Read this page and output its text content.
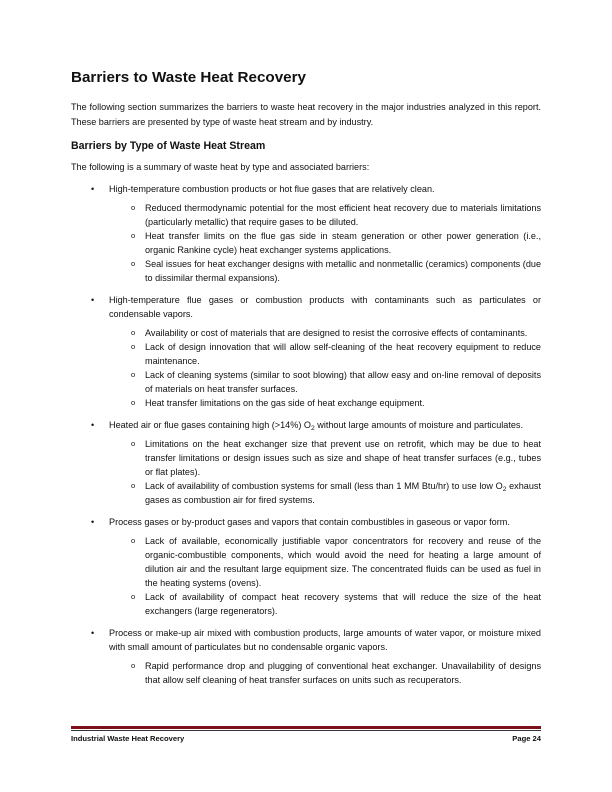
Barriers to Waste Heat Recovery

The following section summarizes the barriers to waste heat recovery in the major industries analyzed in this report. These barriers are presented by type of waste heat stream and by industry.

Barriers by Type of Waste Heat Stream

The following is a summary of waste heat by type and associated barriers:

•	High-temperature combustion products or hot flue gases that are relatively clean.
o Reduced thermodynamic potential for the most efficient heat recovery due to materials limitations (particularly metallic) that require gases to be diluted.
o Heat transfer limits on the flue gas side in steam generation or other power generation (i.e., organic Rankine cycle) heat exchanger systems applications.
o Seal issues for heat exchanger designs with metallic and nonmetallic (ceramics) components (due to dissimilar thermal expansions).
•	High-temperature flue gases or combustion products with contaminants such as particulates or condensable vapors.
o Availability or cost of materials that are designed to resist the corrosive effects of contaminants.
o Lack of design innovation that will allow self-cleaning of the heat recovery equipment to reduce maintenance.
o Lack of cleaning systems (similar to soot blowing) that allow easy and on-line removal of deposits of materials on heat transfer surfaces.
o Heat transfer limitations on the gas side of heat exchange equipment.
•	Heated air or flue gases containing high (>14%) $O_2$ without large amounts of moisture and particulates.
o Limitations on the heat exchanger size that prevent use on retrofit, which may be due to heat transfer limitations or design issues such as size and shape of heat transfer surfaces (e.g., tubes or flat plates).
o Lack of availability of combustion systems for small (less than 1 MM Btu/hr) to use low $O_2$ exhaust gases as combustion air for fired systems.
•	Process gases or by-product gases and vapors that contain combustibles in gaseous or vapor form.
o Lack of available, economically justifiable vapor concentrators for recovery and reuse of the organic-combustible components, which would avoid the need for heating a large amount of dilution air and the resultant large equipment size. The concentrated fluids can be used as fuel in the heating systems (ovens).
o Lack of availability of compact heat recovery systems that will reduce the size of the heat exchangers (large regenerators).
•	Process or make-up air mixed with combustion products, large amounts of water vapor, or moisture mixed with small amount of particulates but no condensable organic vapors.
o Rapid performance drop and plugging of conventional heat exchanger. Unavailability of designs that allow self cleaning of heat transfer surfaces on units such as recuperators.
Industrial Waste Heat Recovery	Page 24
